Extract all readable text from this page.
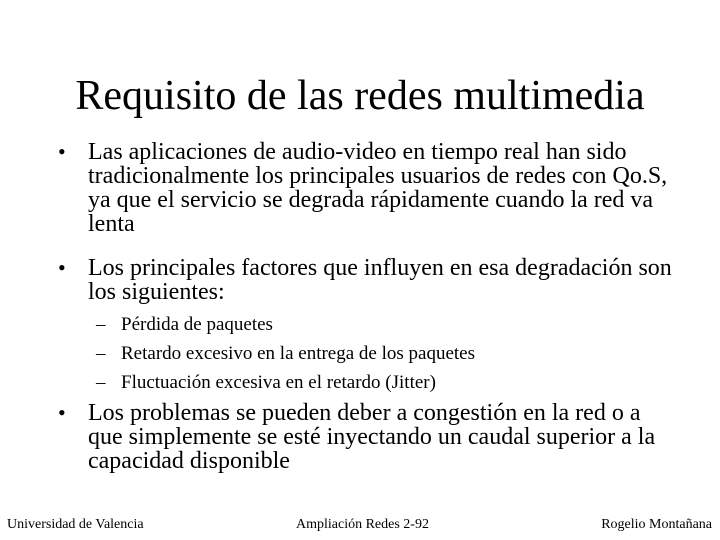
Requisito de las redes multimedia
• Las aplicaciones de audio-video en tiempo real han sido tradicionalmente los principales usuarios de redes con Qo.S, ya que el servicio se degrada rápidamente cuando la red va lenta
• Los principales factores que influyen en esa degradación son los siguientes:
– Pérdida de paquetes
– Retardo excesivo en la entrega de los paquetes
– Fluctuación excesiva en el retardo (Jitter)
• Los problemas se pueden deber a congestión en la red o a que simplemente se esté inyectando un caudal superior a la capacidad disponible
Universidad de Valencia	Ampliación Redes 2-92	Rogelio Montañana
